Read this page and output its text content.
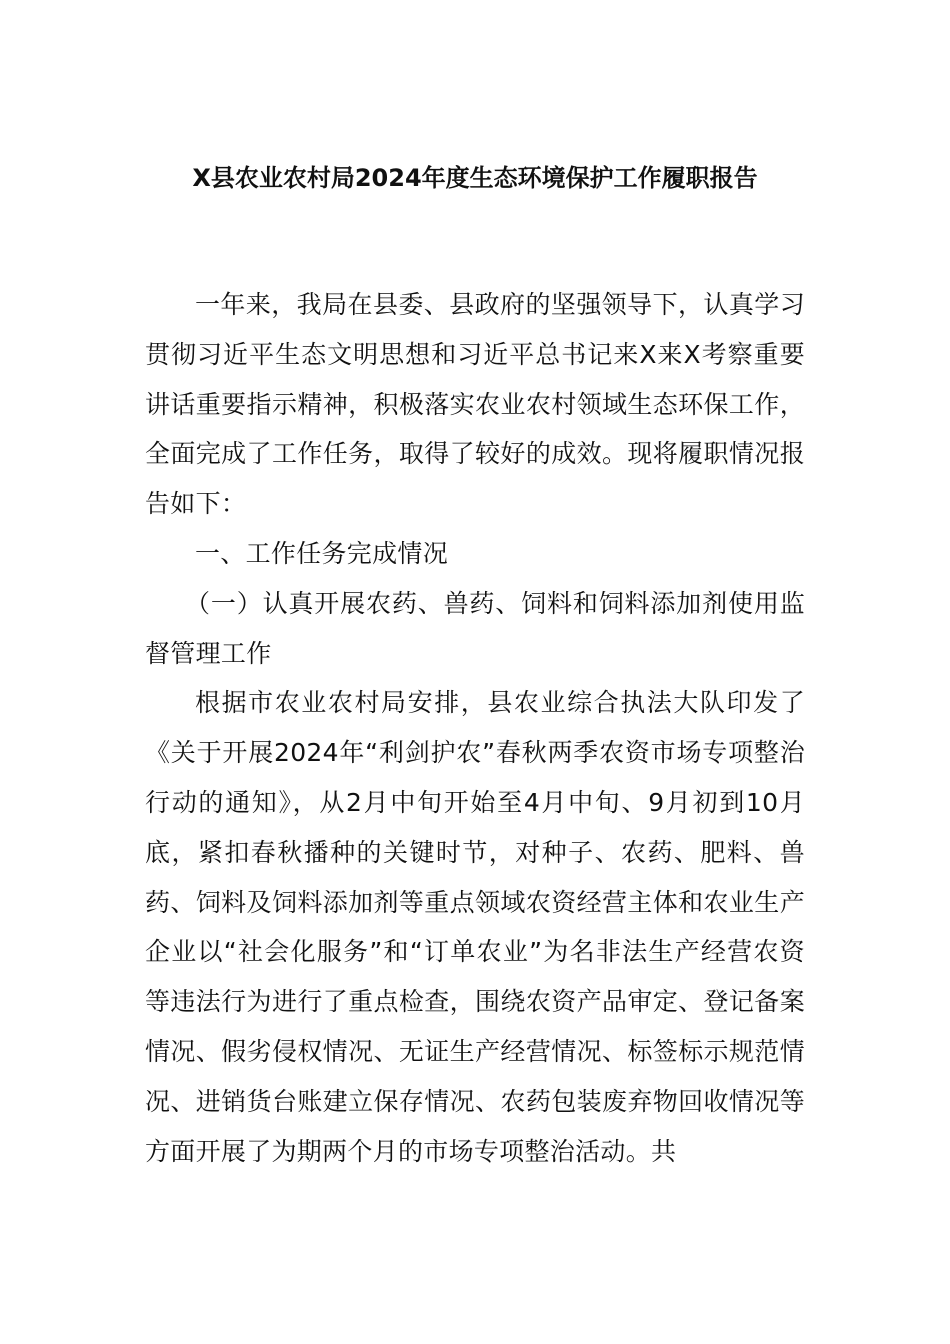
X县农业农村局2024年度生态环境保护工作履职报告

一年来，我局在县委、县政府的坚强领导下，认真学习贯彻习近平生态文明思想和习近平总书记来X来X考察重要讲话重要指示精神，积极落实农业农村领域生态环保工作，全面完成了工作任务，取得了较好的成效。现将履职情况报告如下：

一、工作任务完成情况

（一）认真开展农药、兽药、饲料和饲料添加剂使用监督管理工作

根据市农业农村局安排，县农业综合执法大队印发了《关于开展2024年“利剑护农”春秋两季农资市场专项整治行动的通知》，从2月中旬开始至4月中旬、9月初到10月底，紧扣春秋播种的关键时节，对种子、农药、肥料、兽药、饲料及饲料添加剂等重点领域农资经营主体和农业生产企业以“社会化服务”和“订单农业”为名非法生产经营农资等违法行为进行了重点检查，围绕农资产品审定、登记备案情况、假劣侵权情况、无证生产经营情况、标签标示规范情况、进销货台账建立保存情况、农药包装废弃物回收情况等方面开展了为期两个月的市场专项整治活动。共
